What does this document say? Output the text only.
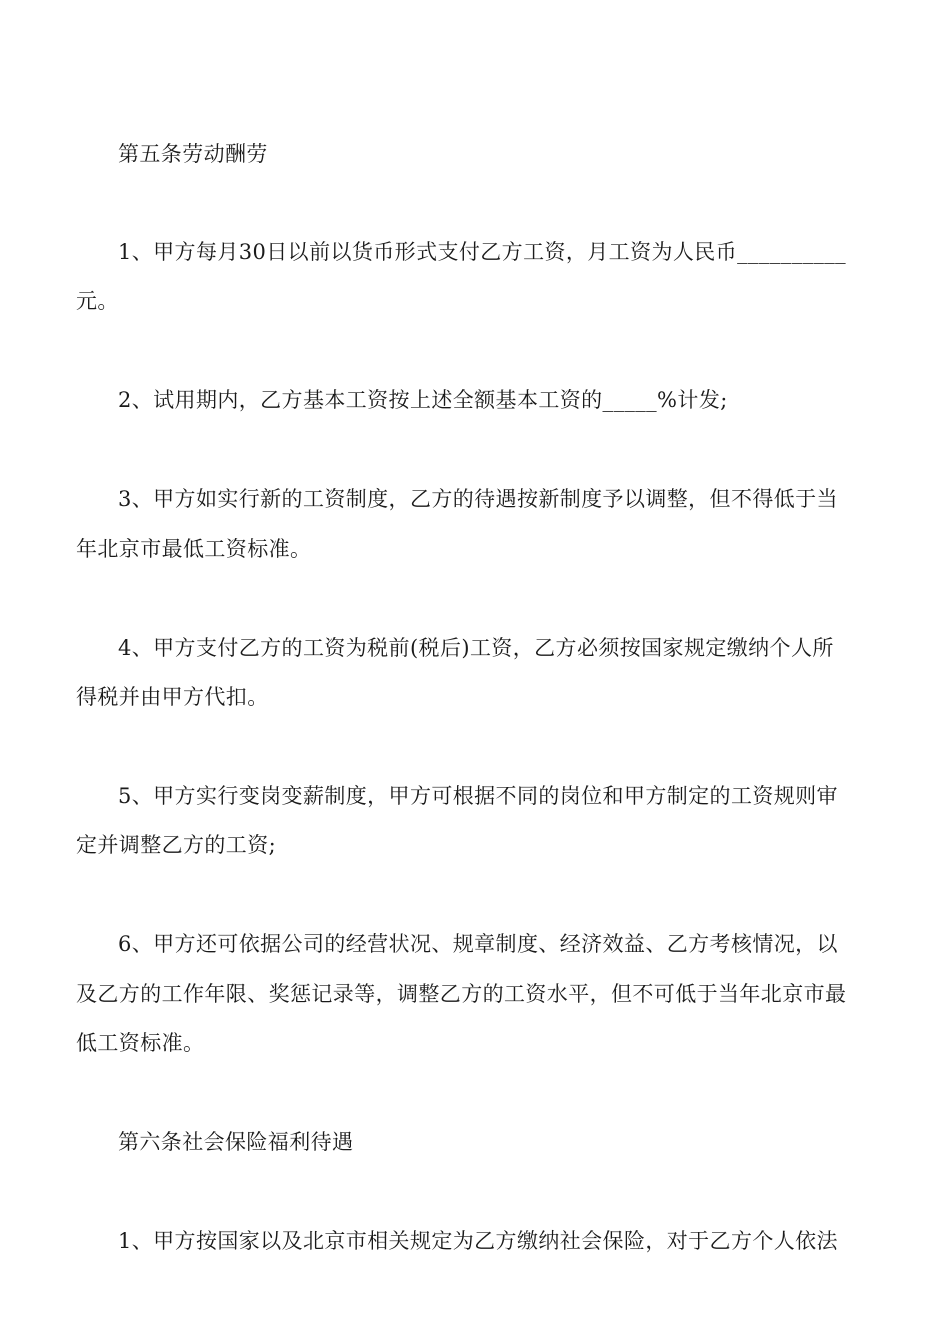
第五条劳动酬劳
1、甲方每月30日以前以货币形式支付乙方工资，月工资为人民币__________
元。
2、试用期内，乙方基本工资按上述全额基本工资的_____%计发;
3、甲方如实行新的工资制度，乙方的待遇按新制度予以调整，但不得低于当
年北京市最低工资标准。
4、甲方支付乙方的工资为税前(税后)工资，乙方必须按国家规定缴纳个人所
得税并由甲方代扣。
5、甲方实行变岗变薪制度，甲方可根据不同的岗位和甲方制定的工资规则审
定并调整乙方的工资;
6、甲方还可依据公司的经营状况、规章制度、经济效益、乙方考核情况，以
及乙方的工作年限、奖惩记录等，调整乙方的工资水平，但不可低于当年北京市最
低工资标准。
第六条社会保险福利待遇
1、甲方按国家以及北京市相关规定为乙方缴纳社会保险，对于乙方个人依法
